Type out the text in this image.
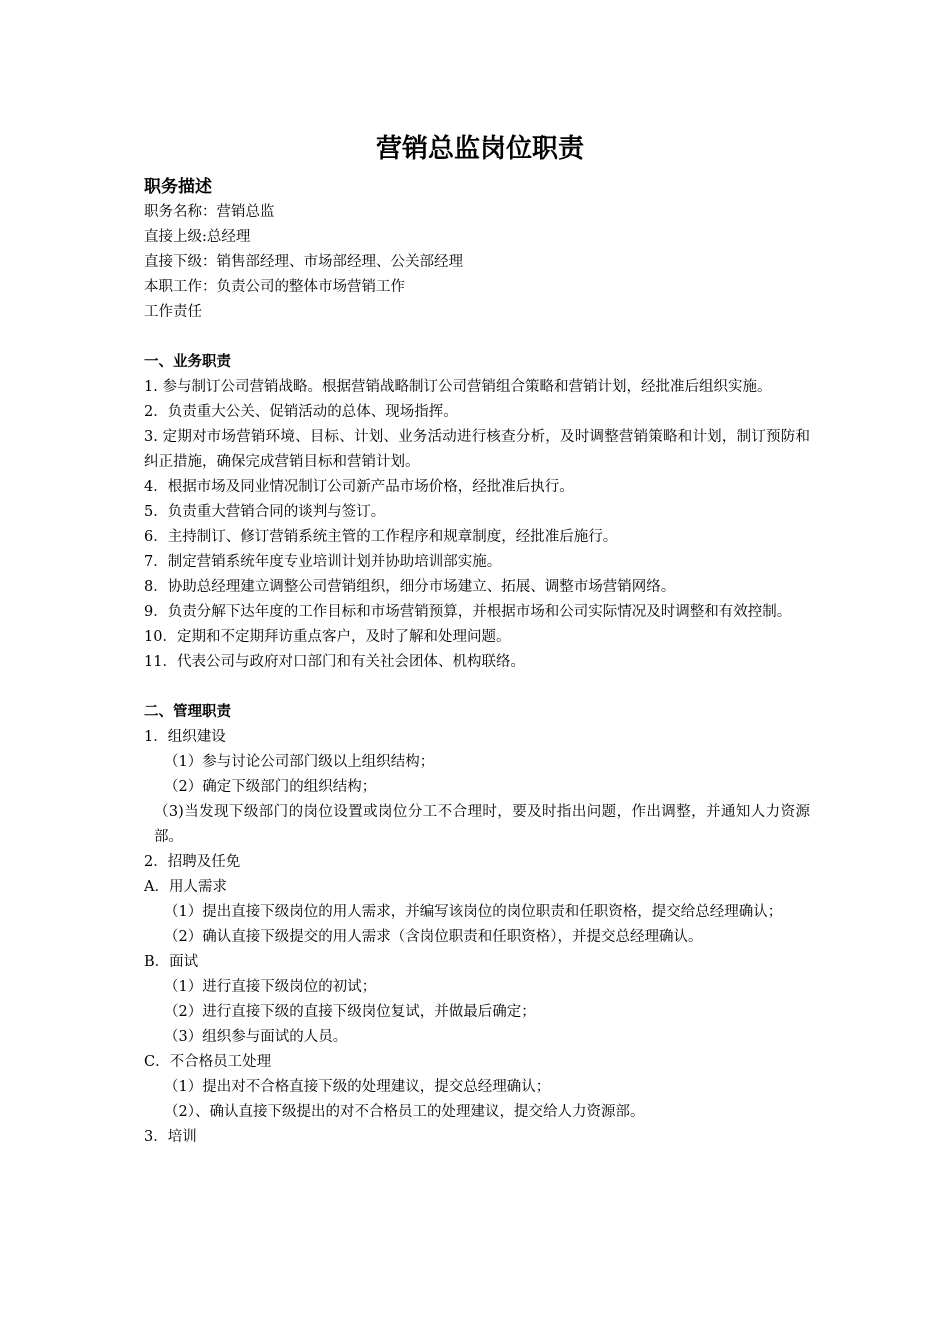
营销总监岗位职责
职务描述

职务名称：营销总监

直接上级:总经理

直接下级：销售部经理、市场部经理、公关部经理

本职工作：负责公司的整体市场营销工作

工作责任

一、业务职责

1. 参与制订公司营销战略。根据营销战略制订公司营销组合策略和营销计划，经批准后组织实施。

2．负责重大公关、促销活动的总体、现场指挥。

3. 定期对市场营销环境、目标、计划、业务活动进行核查分析，及时调整营销策略和计划，制订预防和纠正措施，确保完成营销目标和营销计划。

4．根据市场及同业情况制订公司新产品市场价格，经批准后执行。

5．负责重大营销合同的谈判与签订。

6．主持制订、修订营销系统主管的工作程序和规章制度，经批准后施行。

7．制定营销系统年度专业培训计划并协助培训部实施。

8．协助总经理建立调整公司营销组织，细分市场建立、拓展、调整市场营销网络。

9．负责分解下达年度的工作目标和市场营销预算，并根据市场和公司实际情况及时调整和有效控制。

10．定期和不定期拜访重点客户，及时了解和处理问题。

11．代表公司与政府对口部门和有关社会团体、机构联络。

二、管理职责

1．组织建设

（1）参与讨论公司部门级以上组织结构；

（2）确定下级部门的组织结构；

（3)当发现下级部门的岗位设置或岗位分工不合理时，要及时指出问题，作出调整，并通知人力资源部。

2．招聘及任免

A．用人需求

（1）提出直接下级岗位的用人需求，并编写该岗位的岗位职责和任职资格，提交给总经理确认；

（2）确认直接下级提交的用人需求（含岗位职责和任职资格），并提交总经理确认。

B．面试

（1）进行直接下级岗位的初试；

（2）进行直接下级的直接下级岗位复试，并做最后确定；

（3）组织参与面试的人员。

C．不合格员工处理

（1）提出对不合格直接下级的处理建议，提交总经理确认；

（2）、确认直接下级提出的对不合格员工的处理建议，提交给人力资源部。

3．培训
